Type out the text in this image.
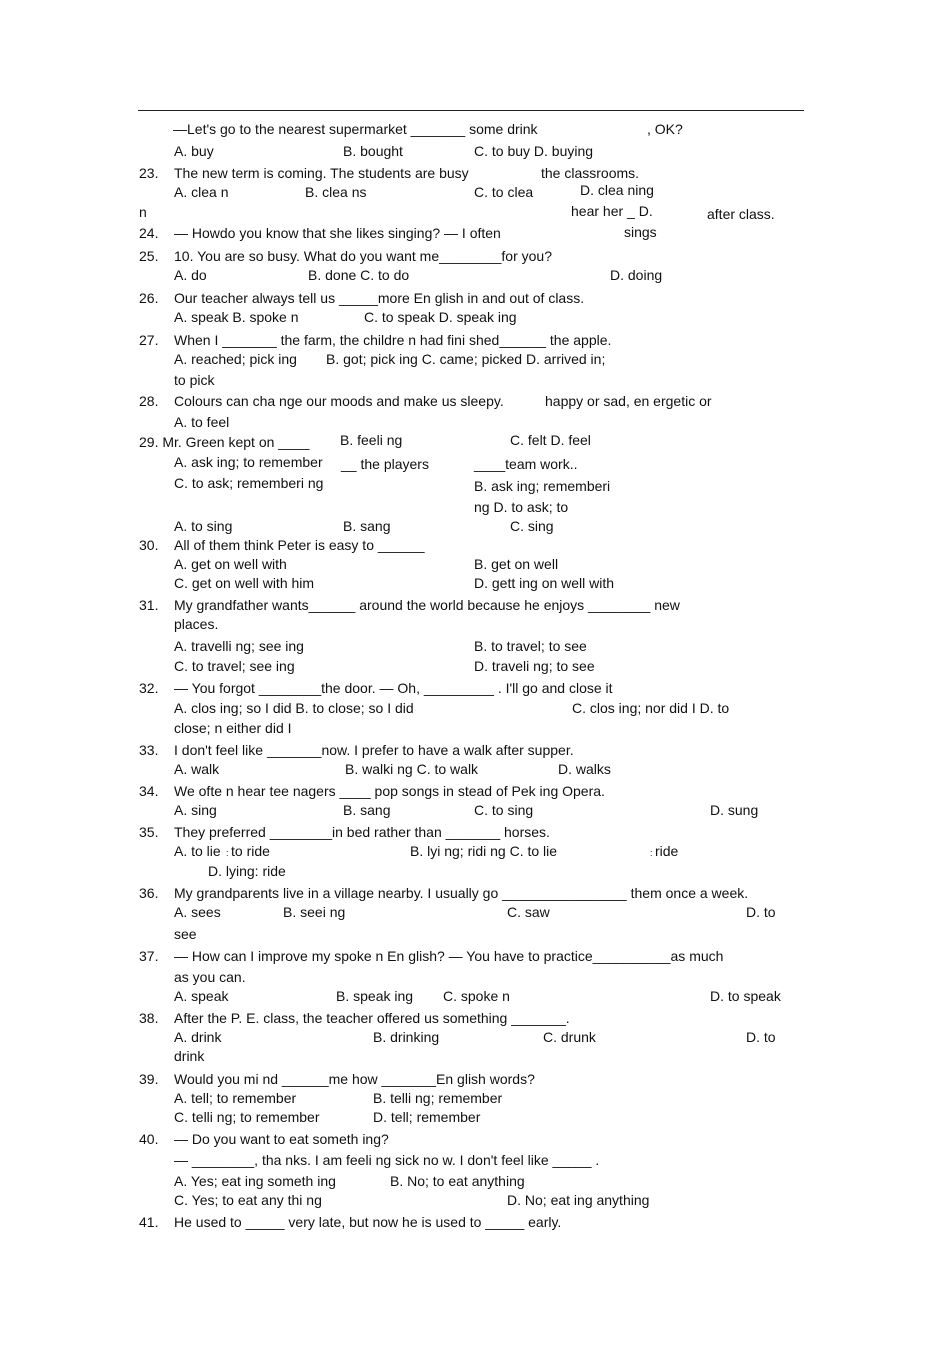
—Let's go to the nearest supermarket _______ some drink	, OK?
A. buy	B. bought	C. to buy D. buying
23. The new term is coming. The students are busy	the classrooms.
A. clea n	B. clea ns	C. to clea	D. clea ning
n	hear her _ D.	after class.
24. — Howdo you know that she likes singing? — I often	sings
25. 10. You are so busy. What do you want me________for you?
A. do	B. done C. to do	D. doing
26. Our teacher always tell us _____more En glish in and out of class.
A. speak B. spoke n	C. to speak D. speak ing
27. When I _______ the farm, the childre n had fini shed______ the apple.
A. reached; pick ing B. got; pick ing C. came; picked D. arrived in;
to pick
28. Colours can cha nge our moods and make us sleepy.	happy or sad, en ergetic or
A. to feel
29. Mr. Green kept on ____ B. feeli ng	C. felt D. feel
A. ask ing; to remember __ the players	____team work..
C. to ask; rememberi ng	B. ask ing; rememberi
ng D. to ask; to
A. to sing	B. sang	C. sing
30. All of them think Peter is easy to ______
A. get on well with	B. get on well
C. get on well with him	D. gett ing on well with
31. My grandfather wants______ around the world because he enjoys ________ new
places.
A. travelli ng; see ing	B. to travel; to see
C. to travel; see ing	D. traveli ng; to see
32. — You forgot ________the door. — Oh, _________ . I'll go and close it
A. clos ing; so I did B. to close; so I did	C. clos ing; nor did I D. to
close; n either did I
33. I don't feel like _______now. I prefer to have a walk after supper.
A. walk	B. walki ng C. to walk	D. walks
34. We ofte n hear tee nagers ____ pop songs in stead of Pek ing Opera.
A. sing	B. sang	C. to sing	D. sung
35. They preferred ________in bed rather than _______ horses.
A. to lie : to ride	B. lyi ng; ridi ng C. to lie	: ride
D. lying: ride
36. My grandparents live in a village nearby. I usually go ________________ them once a week.
A. sees	B. seei ng	C. saw	D. to
see
37. — How can I improve my spoke n En glish? — You have to practice__________as much
as you can.
A. speak	B. speak ing C. spoke n	D. to speak
38. After the P. E. class, the teacher offered us something _______.
A. drink	B. drinking	C. drunk	D. to
drink
39. Would you mi nd ______me how _______En glish words?
A. tell; to remember	B. telli ng; remember
C. telli ng; to remember	D. tell; remember
40. — Do you want to eat someth ing?
— ________, tha nks. I am feeli ng sick no w. I don't feel like _____ .
A. Yes; eat ing someth ing	B. No; to eat anything
C. Yes; to eat any thi ng	D. No; eat ing anything
41. He used to _____ very late, but now he is used to _____ early.
